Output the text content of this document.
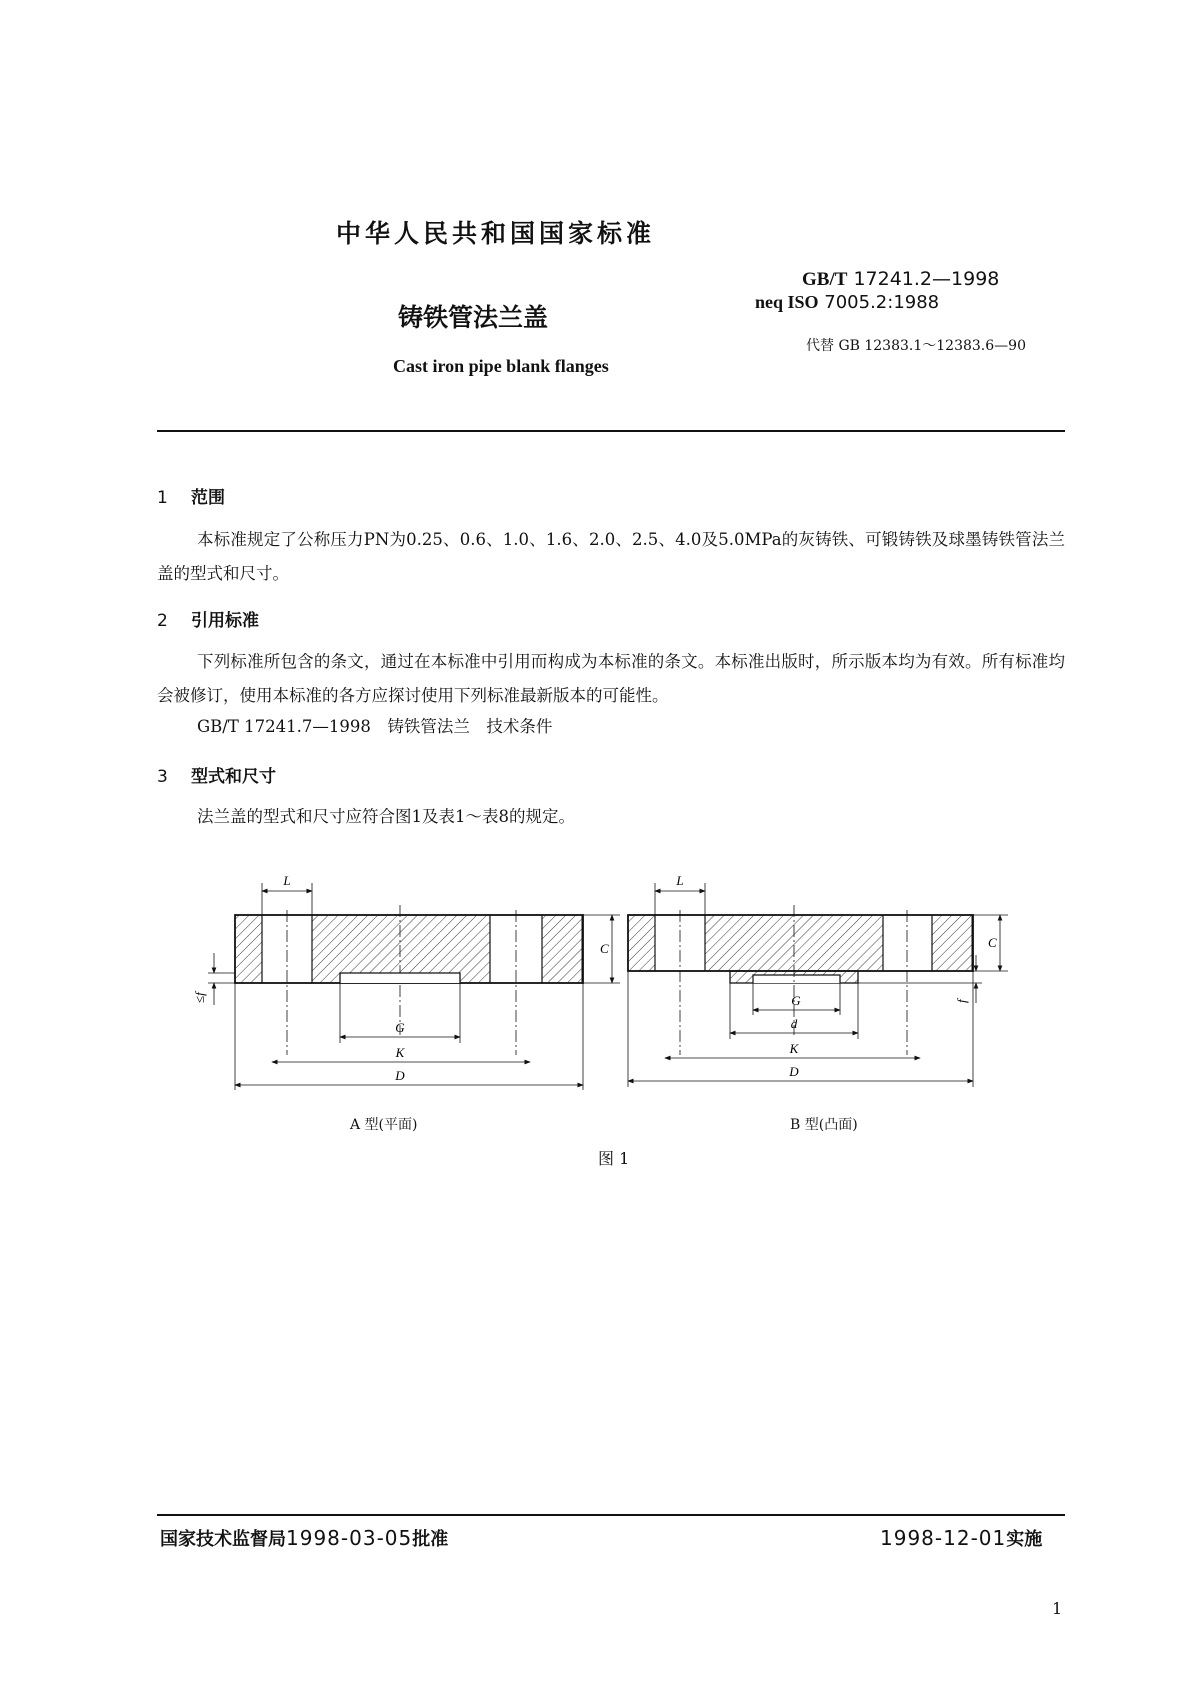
中华人民共和国国家标准
铸铁管法兰盖
Cast iron pipe blank flanges
GB/T 17241.2—1998
neq ISO 7005.2:1988
代替 GB 12383.1～12383.6—90
1 范围
本标准规定了公称压力PN为0.25、0.6、1.0、1.6、2.0、2.5、4.0及5.0MPa的灰铸铁、可锻铸铁及球墨铸铁管法兰盖的型式和尺寸。
2 引用标准
下列标准所包含的条文，通过在本标准中引用而构成为本标准的条文。本标准出版时，所示版本均为有效。所有标准均会被修订，使用本标准的各方应探讨使用下列标准最新版本的可能性。
GB/T 17241.7—1998　铸铁管法兰　技术条件
3 型式和尺寸
法兰盖的型式和尺寸应符合图1及表1～表8的规定。
L
C
≤f
G
K
D
L
C
f
G
d
K
D
A 型(平面)	B 型(凸面)
图 1
国家技术监督局1998-03-05批准	1998-12-01实施
1
